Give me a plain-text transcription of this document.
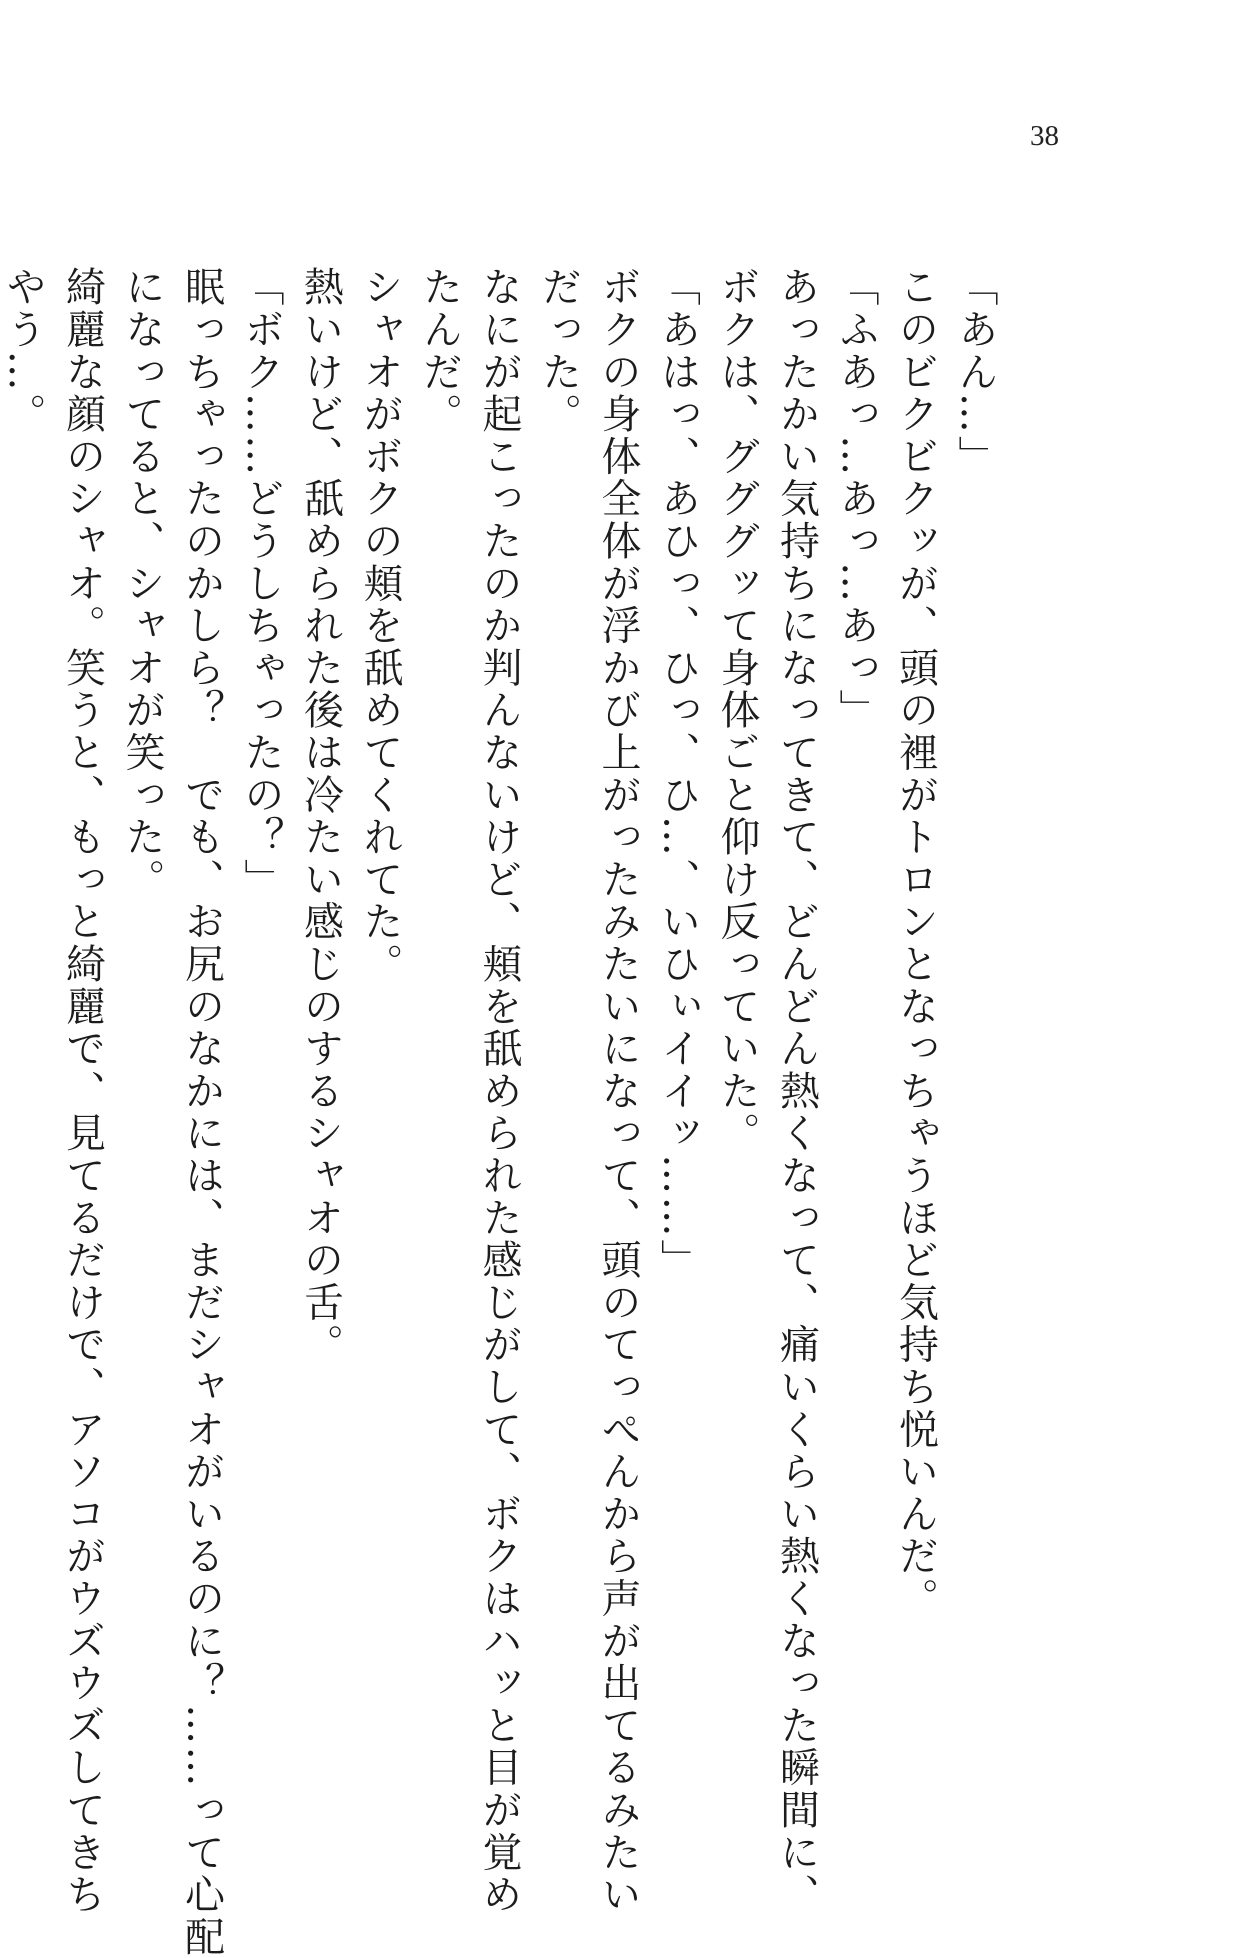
38
「あん…」
このビクビクッが、頭の裡がトロンとなっちゃうほど気持ち悦いんだ。
「ふあっ…あっ…あっ」
あったかい気持ちになってきて、どんどん熱くなって、痛いくらい熱くなった瞬間に、
ボクは、グググッて身体ごと仰け反っていた。
「あはっ、あひっ、ひっ、ひ…、いひぃイイッ……」
ボクの身体全体が浮かび上がったみたいになって、頭のてっぺんから声が出てるみたい
だった。
なにが起こったのか判んないけど、頬を舐められた感じがして、ボクはハッと目が覚め
たんだ。
シャオがボクの頬を舐めてくれてた。
熱いけど、舐められた後は冷たい感じのするシャオの舌。
「ボク……どうしちゃったの？」
眠っちゃったのかしら？　でも、お尻のなかには、まだシャオがいるのに？……って心配
になってると、シャオが笑った。
綺麗な顔のシャオ。笑うと、もっと綺麗で、見てるだけで、アソコがウズウズしてきち
やう…。
